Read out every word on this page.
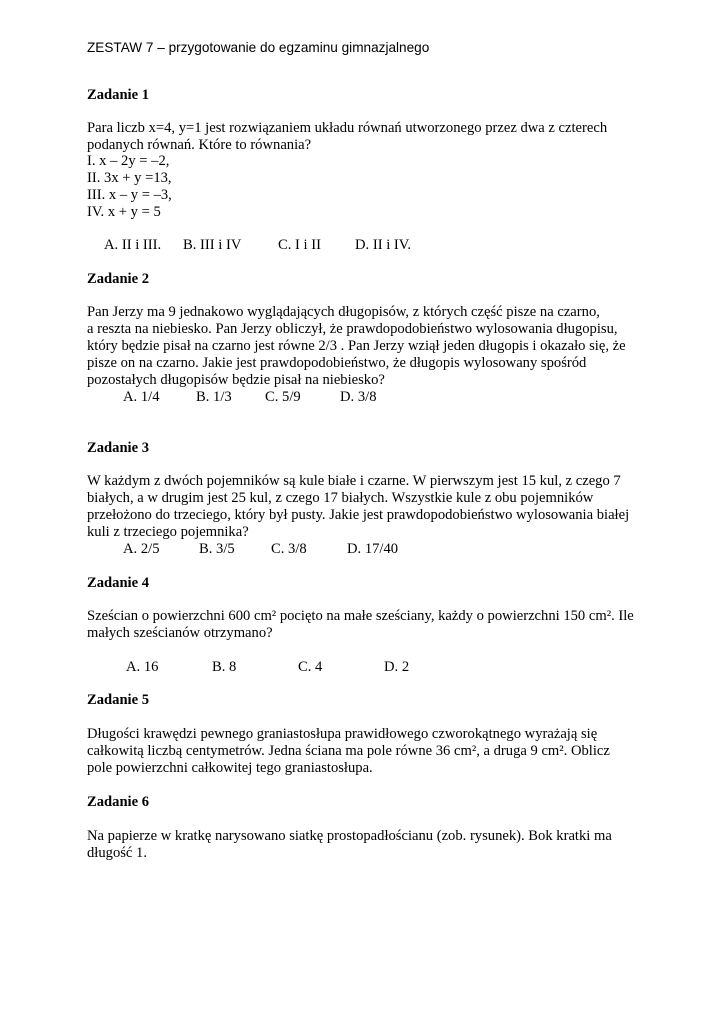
ZESTAW 7 – przygotowanie do egzaminu gimnazjalnego
Zadanie 1
Para liczb x=4, y=1 jest rozwiązaniem układu równań utworzonego przez dwa z czterech
podanych równań. Które to równania?
I. x – 2y = –2,
II. 3x + y =13,
III. x – y = –3,
IV. x + y = 5
A. II i III. B. III i IV	C. I i II D. II i IV.
Zadanie 2
Pan Jerzy ma 9 jednakowo wyglądających długopisów, z których część pisze na czarno,
a reszta na niebiesko. Pan Jerzy obliczył, że prawdopodobieństwo wylosowania długopisu,
który będzie pisał na czarno jest równe 2/3 . Pan Jerzy wziął jeden długopis i okazało się, że
pisze on na czarno. Jakie jest prawdopodobieństwo, że długopis wylosowany spośród
pozostałych długopisów będzie pisał na niebiesko?
A. 1/4	B. 1/3 C. 5/9	D. 3/8
Zadanie 3
W każdym z dwóch pojemników są kule białe i czarne. W pierwszym jest 15 kul, z czego 7
białych, a w drugim jest 25 kul, z czego 17 białych. Wszystkie kule z obu pojemników
przełożono do trzeciego, który był pusty. Jakie jest prawdopodobieństwo wylosowania białej
kuli z trzeciego pojemnika?
A. 2/5	B. 3/5 C. 3/8	D. 17/40
Zadanie 4
Sześcian o powierzchni 600 cm² pocięto na małe sześciany, każdy o powierzchni 150 cm². Ile
małych sześcianów otrzymano?
A. 16	B. 8	C. 4	D. 2
Zadanie 5
Długości krawędzi pewnego graniastosłupa prawidłowego czworokątnego wyrażają się
całkowitą liczbą centymetrów. Jedna ściana ma pole równe 36 cm², a druga 9 cm². Oblicz
pole powierzchni całkowitej tego graniastosłupa.
Zadanie 6
Na papierze w kratkę narysowano siatkę prostopadłościanu (zob. rysunek). Bok kratki ma
długość 1.
